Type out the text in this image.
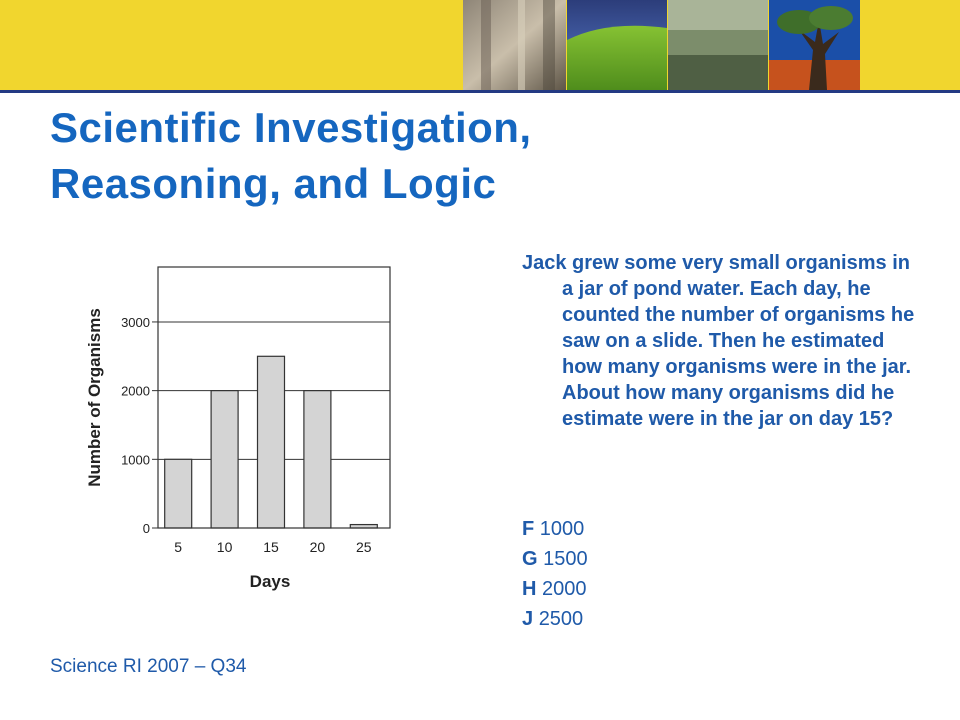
Scientific Investigation, Reasoning, and Logic
0
1000
2000
3000
5 10 15 20 25
Days
Number of Organisms

Jack grew some very small organisms in a jar of pond water. Each day, he counted the number of organisms he saw on a slide. Then he estimated how many organisms were in the jar. About how many organisms did he estimate were in the jar on day 15?

F 1000
G 1500
H 2000
J 2500
Science RI 2007 – Q34
